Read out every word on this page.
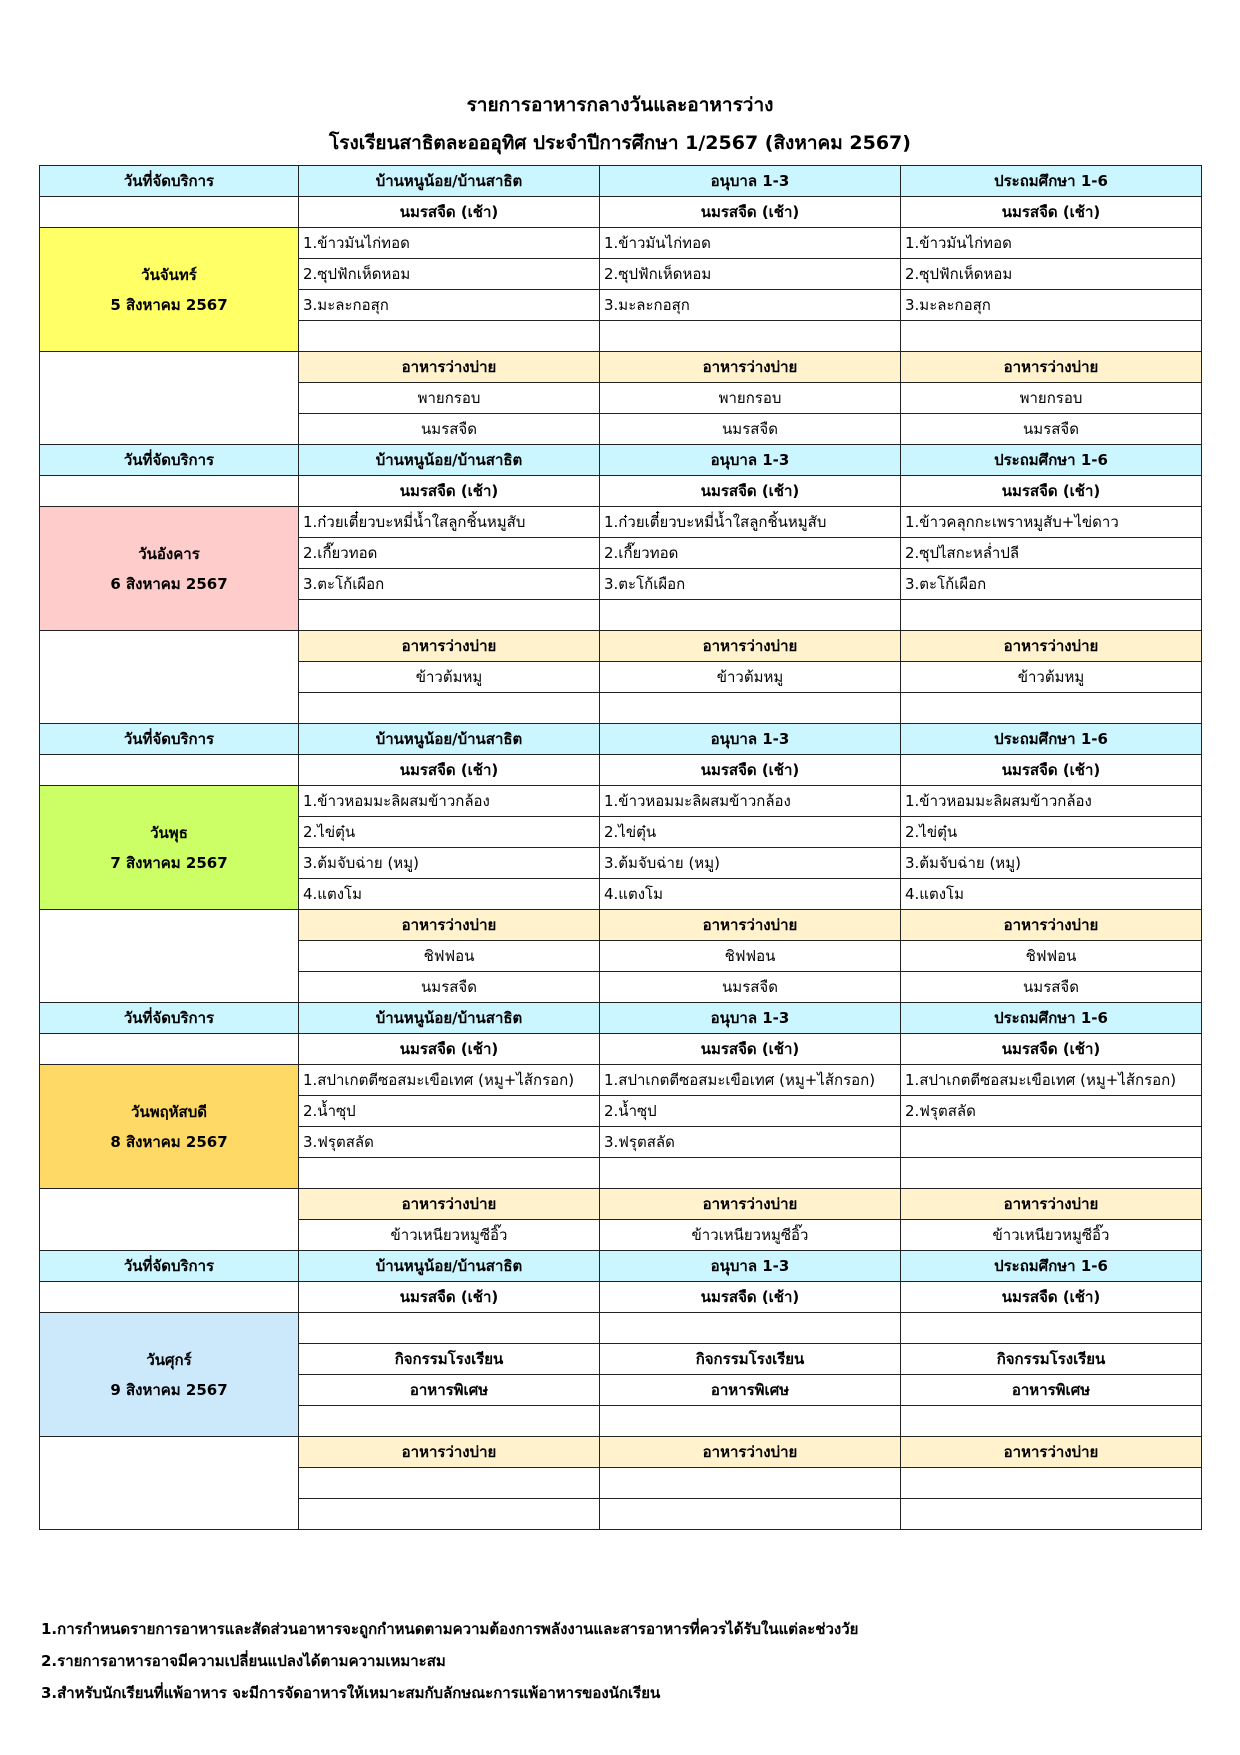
รายการอาหารกลางวันและอาหารว่าง
โรงเรียนสาธิตละอออุทิศ ประจำปีการศึกษา 1/2567 (สิงหาคม 2567)
วันที่จัดบริการ	บ้านหนูน้อย/บ้านสาธิต	อนุบาล 1-3	ประถมศึกษา 1-6
	นมรสจืด (เช้า)	นมรสจืด (เช้า)	นมรสจืด (เช้า)

วันจันทร์
5 สิงหาคม 2567	1.ข้าวมันไก่ทอด	1.ข้าวมันไก่ทอด	1.ข้าวมันไก่ทอด
	2.ซุปฟักเห็ดหอม	2.ซุปฟักเห็ดหอม	2.ซุปฟักเห็ดหอม
	3.มะละกอสุก	3.มะละกอสุก	3.มะละกอสุก

	อาหารว่างบ่าย	อาหารว่างบ่าย	อาหารว่างบ่าย
	พายกรอบ	พายกรอบ	พายกรอบ
	นมรสจืด	นมรสจืด	นมรสจืด
วันที่จัดบริการ	บ้านหนูน้อย/บ้านสาธิต	อนุบาล 1-3	ประถมศึกษา 1-6
	นมรสจืด (เช้า)	นมรสจืด (เช้า)	นมรสจืด (เช้า)

วันอังคาร
6 สิงหาคม 2567	1.ก๋วยเตี๋ยวบะหมี่น้ำใสลูกชิ้นหมูสับ	1.ก๋วยเตี๋ยวบะหมี่น้ำใสลูกชิ้นหมูสับ	1.ข้าวคลุกกะเพราหมูสับ+ไข่ดาว
	2.เกี๊ยวทอด	2.เกี๊ยวทอด	2.ซุปไสกะหล่ำปลี
	3.ตะโก้เผือก	3.ตะโก้เผือก	3.ตะโก้เผือก

	อาหารว่างบ่าย	อาหารว่างบ่าย	อาหารว่างบ่าย
	ข้าวต้มหมู	ข้าวต้มหมู	ข้าวต้มหมู

วันที่จัดบริการ	บ้านหนูน้อย/บ้านสาธิต	อนุบาล 1-3	ประถมศึกษา 1-6
	นมรสจืด (เช้า)	นมรสจืด (เช้า)	นมรสจืด (เช้า)

วันพุธ
7 สิงหาคม 2567	1.ข้าวหอมมะลิผสมข้าวกล้อง	1.ข้าวหอมมะลิผสมข้าวกล้อง	1.ข้าวหอมมะลิผสมข้าวกล้อง
	2.ไข่ตุ๋น	2.ไข่ตุ๋น	2.ไข่ตุ๋น
	3.ต้มจับฉ่าย (หมู)	3.ต้มจับฉ่าย (หมู)	3.ต้มจับฉ่าย (หมู)
	4.แตงโม	4.แตงโม	4.แตงโม
	อาหารว่างบ่าย	อาหารว่างบ่าย	อาหารว่างบ่าย
	ชิฟฟอน	ชิฟฟอน	ชิฟฟอน
	นมรสจืด	นมรสจืด	นมรสจืด
วันที่จัดบริการ	บ้านหนูน้อย/บ้านสาธิต	อนุบาล 1-3	ประถมศึกษา 1-6
	นมรสจืด (เช้า)	นมรสจืด (เช้า)	นมรสจืด (เช้า)

วันพฤหัสบดี
8 สิงหาคม 2567	1.สปาเกตตีซอสมะเขือเทศ (หมู+ไส้กรอก)	1.สปาเกตตีซอสมะเขือเทศ (หมู+ไส้กรอก)	1.สปาเกตตีซอสมะเขือเทศ (หมู+ไส้กรอก)
	2.น้ำซุป	2.น้ำซุป	2.ฟรุตสลัด
	3.ฟรุตสลัด	3.ฟรุตสลัด	

	อาหารว่างบ่าย	อาหารว่างบ่าย	อาหารว่างบ่าย
	ข้าวเหนียวหมูซีอิ๊ว	ข้าวเหนียวหมูซีอิ๊ว	ข้าวเหนียวหมูซีอิ๊ว
วันที่จัดบริการ	บ้านหนูน้อย/บ้านสาธิต	อนุบาล 1-3	ประถมศึกษา 1-6
	นมรสจืด (เช้า)	นมรสจืด (เช้า)	นมรสจืด (เช้า)

วันศุกร์
9 สิงหาคม 2567			

	กิจกรรมโรงเรียน	กิจกรรมโรงเรียน	กิจกรรมโรงเรียน
	อาหารพิเศษ	อาหารพิเศษ	อาหารพิเศษ

	อาหารว่างบ่าย	อาหารว่างบ่าย	อาหารว่างบ่าย

1.การกำหนดรายการอาหารและสัดส่วนอาหารจะถูกกำหนดตามความต้องการพลังงานและสารอาหารที่ควรได้รับในแต่ละช่วงวัย
2.รายการอาหารอาจมีความเปลี่ยนแปลงได้ตามความเหมาะสม
3.สำหรับนักเรียนที่แพ้อาหาร จะมีการจัดอาหารให้เหมาะสมกับลักษณะการแพ้อาหารของนักเรียน
